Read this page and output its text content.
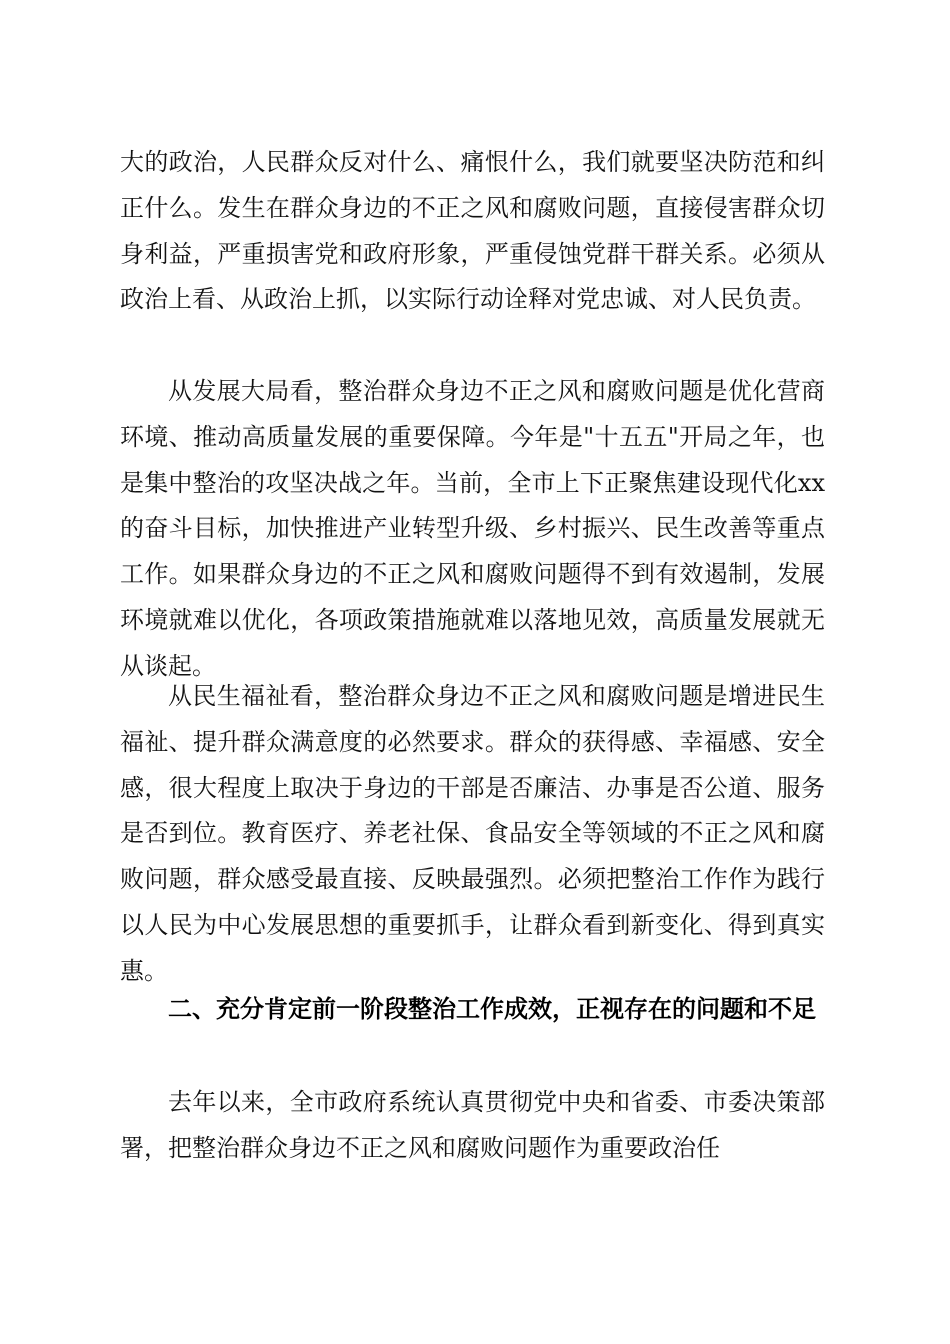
大的政治，人民群众反对什么、痛恨什么，我们就要坚决防范和纠正什么。发生在群众身边的不正之风和腐败问题，直接侵害群众切身利益，严重损害党和政府形象，严重侵蚀党群干群关系。必须从政治上看、从政治上抓，以实际行动诠释对党忠诚、对人民负责。

从发展大局看，整治群众身边不正之风和腐败问题是优化营商环境、推动高质量发展的重要保障。今年是"十五五"开局之年，也是集中整治的攻坚决战之年。当前，全市上下正聚焦建设现代化xx的奋斗目标，加快推进产业转型升级、乡村振兴、民生改善等重点工作。如果群众身边的不正之风和腐败问题得不到有效遏制，发展环境就难以优化，各项政策措施就难以落地见效，高质量发展就无从谈起。

从民生福祉看，整治群众身边不正之风和腐败问题是增进民生福祉、提升群众满意度的必然要求。群众的获得感、幸福感、安全感，很大程度上取决于身边的干部是否廉洁、办事是否公道、服务是否到位。教育医疗、养老社保、食品安全等领域的不正之风和腐败问题，群众感受最直接、反映最强烈。必须把整治工作作为践行以人民为中心发展思想的重要抓手，让群众看到新变化、得到真实惠。

二、充分肯定前一阶段整治工作成效，正视存在的问题和不足

去年以来，全市政府系统认真贯彻党中央和省委、市委决策部署，把整治群众身边不正之风和腐败问题作为重要政治任
